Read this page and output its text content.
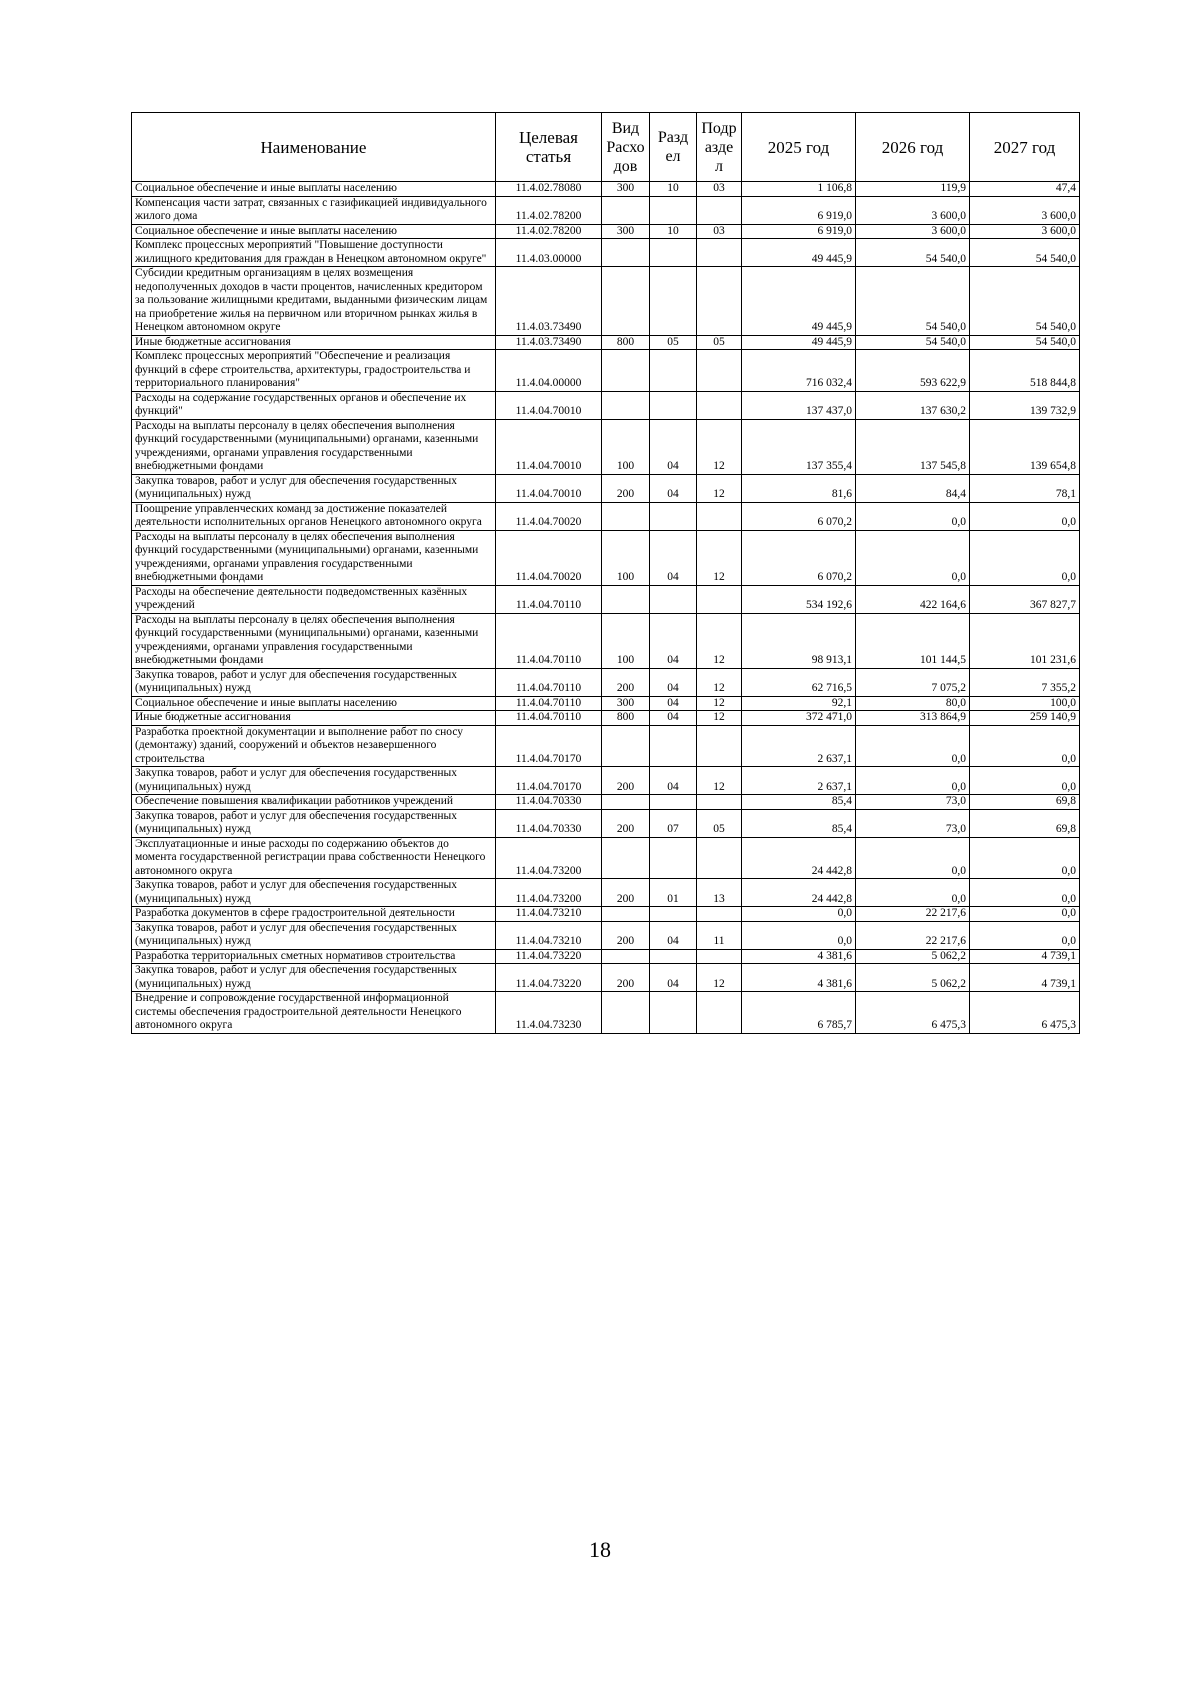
Наименование	Целевая статья	Вид Расхо дов	Разд ел	Подр азде л	2025 год	2026 год	2027 год
Социальное обеспечение и иные выплаты населению	11.4.02.78080	300	10	03	1 106,8	119,9	47,4
Компенсация части затрат, связанных с газификацией индивидуального жилого дома	11.4.02.78200				6 919,0	3 600,0	3 600,0
Социальное обеспечение и иные выплаты населению	11.4.02.78200	300	10	03	6 919,0	3 600,0	3 600,0
Комплекс процессных мероприятий "Повышение доступности жилищного кредитования для граждан в Ненецком автономном округе"	11.4.03.00000				49 445,9	54 540,0	54 540,0
Субсидии кредитным организациям в целях возмещения недополученных доходов в части процентов, начисленных кредитором за пользование жилищными кредитами, выданными физическим лицам на приобретение жилья на первичном или вторичном рынках жилья в Ненецком автономном округе	11.4.03.73490				49 445,9	54 540,0	54 540,0
Иные бюджетные ассигнования	11.4.03.73490	800	05	05	49 445,9	54 540,0	54 540,0
Комплекс процессных мероприятий "Обеспечение и реализация функций в сфере строительства, архитектуры, градостроительства и территориального планирования"	11.4.04.00000				716 032,4	593 622,9	518 844,8
Расходы на содержание государственных органов и обеспечение их функций"	11.4.04.70010				137 437,0	137 630,2	139 732,9
Расходы на выплаты персоналу в целях обеспечения выполнения функций государственными (муниципальными) органами, казенными учреждениями, органами управления государственными внебюджетными фондами	11.4.04.70010	100	04	12	137 355,4	137 545,8	139 654,8
Закупка товаров, работ и услуг для обеспечения государственных (муниципальных) нужд	11.4.04.70010	200	04	12	81,6	84,4	78,1
Поощрение управленческих команд за достижение показателей деятельности исполнительных органов Ненецкого автономного округа	11.4.04.70020				6 070,2	0,0	0,0
Расходы на выплаты персоналу в целях обеспечения выполнения функций государственными (муниципальными) органами, казенными учреждениями, органами управления государственными внебюджетными фондами	11.4.04.70020	100	04	12	6 070,2	0,0	0,0
Расходы на обеспечение деятельности подведомственных казённых учреждений	11.4.04.70110				534 192,6	422 164,6	367 827,7
Расходы на выплаты персоналу в целях обеспечения выполнения функций государственными (муниципальными) органами, казенными учреждениями, органами управления государственными внебюджетными фондами	11.4.04.70110	100	04	12	98 913,1	101 144,5	101 231,6
Закупка товаров, работ и услуг для обеспечения государственных (муниципальных) нужд	11.4.04.70110	200	04	12	62 716,5	7 075,2	7 355,2
Социальное обеспечение и иные выплаты населению	11.4.04.70110	300	04	12	92,1	80,0	100,0
Иные бюджетные ассигнования	11.4.04.70110	800	04	12	372 471,0	313 864,9	259 140,9
Разработка проектной документации и выполнение работ по сносу (демонтажу) зданий, сооружений и объектов незавершенного строительства	11.4.04.70170				2 637,1	0,0	0,0
Закупка товаров, работ и услуг для обеспечения государственных (муниципальных) нужд	11.4.04.70170	200	04	12	2 637,1	0,0	0,0
Обеспечение повышения квалификации работников учреждений	11.4.04.70330				85,4	73,0	69,8
Закупка товаров, работ и услуг для обеспечения государственных (муниципальных) нужд	11.4.04.70330	200	07	05	85,4	73,0	69,8
Эксплуатационные и иные расходы по содержанию объектов до момента государственной регистрации права собственности Ненецкого автономного округа	11.4.04.73200				24 442,8	0,0	0,0
Закупка товаров, работ и услуг для обеспечения государственных (муниципальных) нужд	11.4.04.73200	200	01	13	24 442,8	0,0	0,0
Разработка документов в сфере градостроительной деятельности	11.4.04.73210				0,0	22 217,6	0,0
Закупка товаров, работ и услуг для обеспечения государственных (муниципальных) нужд	11.4.04.73210	200	04	11	0,0	22 217,6	0,0
Разработка территориальных сметных нормативов строительства	11.4.04.73220				4 381,6	5 062,2	4 739,1
Закупка товаров, работ и услуг для обеспечения государственных (муниципальных) нужд	11.4.04.73220	200	04	12	4 381,6	5 062,2	4 739,1
Внедрение и сопровождение государственной информационной системы обеспечения градостроительной деятельности Ненецкого автономного округа	11.4.04.73230				6 785,7	6 475,3	6 475,3
18
